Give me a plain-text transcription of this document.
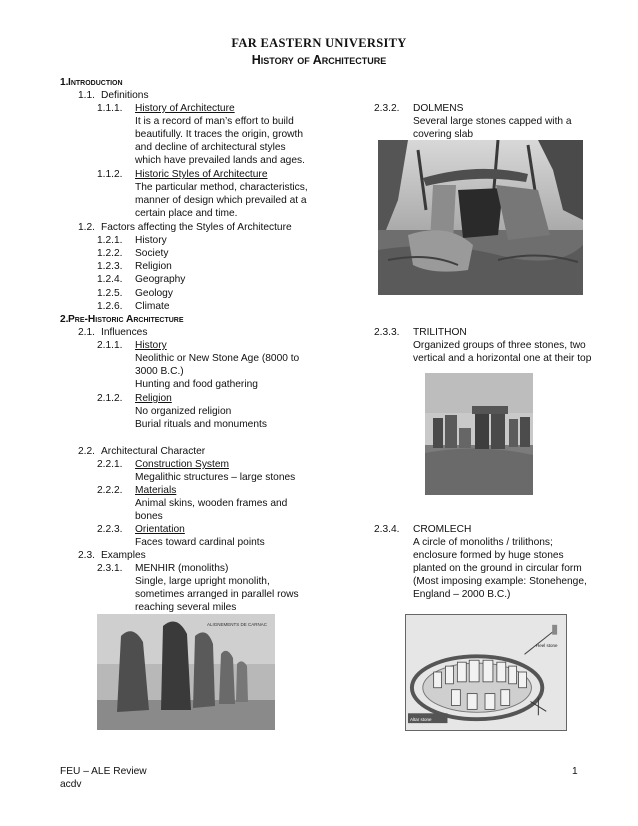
FAR EASTERN UNIVERSITY
History of Architecture
1. Introduction
1.1. Definitions
1.1.1. History of Architecture
It is a record of man’s effort to build
beautifully. It traces the origin, growth
and decline of architectural styles
which have prevailed lands and ages.
1.1.2. Historic Styles of Architecture
The particular method, characteristics,
manner of design which prevailed at a
certain place and time.
1.2. Factors affecting the Styles of Architecture
1.2.1. History
1.2.2. Society
1.2.3. Religion
1.2.4. Geography
1.2.5. Geology
1.2.6. Climate
2. Pre-Historic Architecture
2.1. Influences
2.1.1. History
Neolithic or New Stone Age (8000 to
3000 B.C.)
Hunting and food gathering
2.1.2. Religion
No organized religion
Burial rituals and monuments
2.2. Architectural Character
2.2.1. Construction System
Megalithic structures – large stones
2.2.2. Materials
Animal skins, wooden frames and
bones
2.2.3. Orientation
Faces toward cardinal points
2.3. Examples
2.3.1. MENHIR (monoliths)
Single, large upright monolith,
sometimes arranged in parallel rows
reaching several miles
2.3.2. DOLMENS
Several large stones capped with a
covering slab
2.3.3. TRILITHON
Organized groups of three stones, two
vertical and a horizontal one at their top
2.3.4. CROMLECH
A circle of monoliths / trilithons;
enclosure formed by huge stones
planted on the ground in circular form
(Most imposing example: Stonehenge,
England – 2000 B.C.)
ALIGNEMENTS DE CARNAC
Heel stone
Altar stone
FEU – ALE Review
acdv
1
